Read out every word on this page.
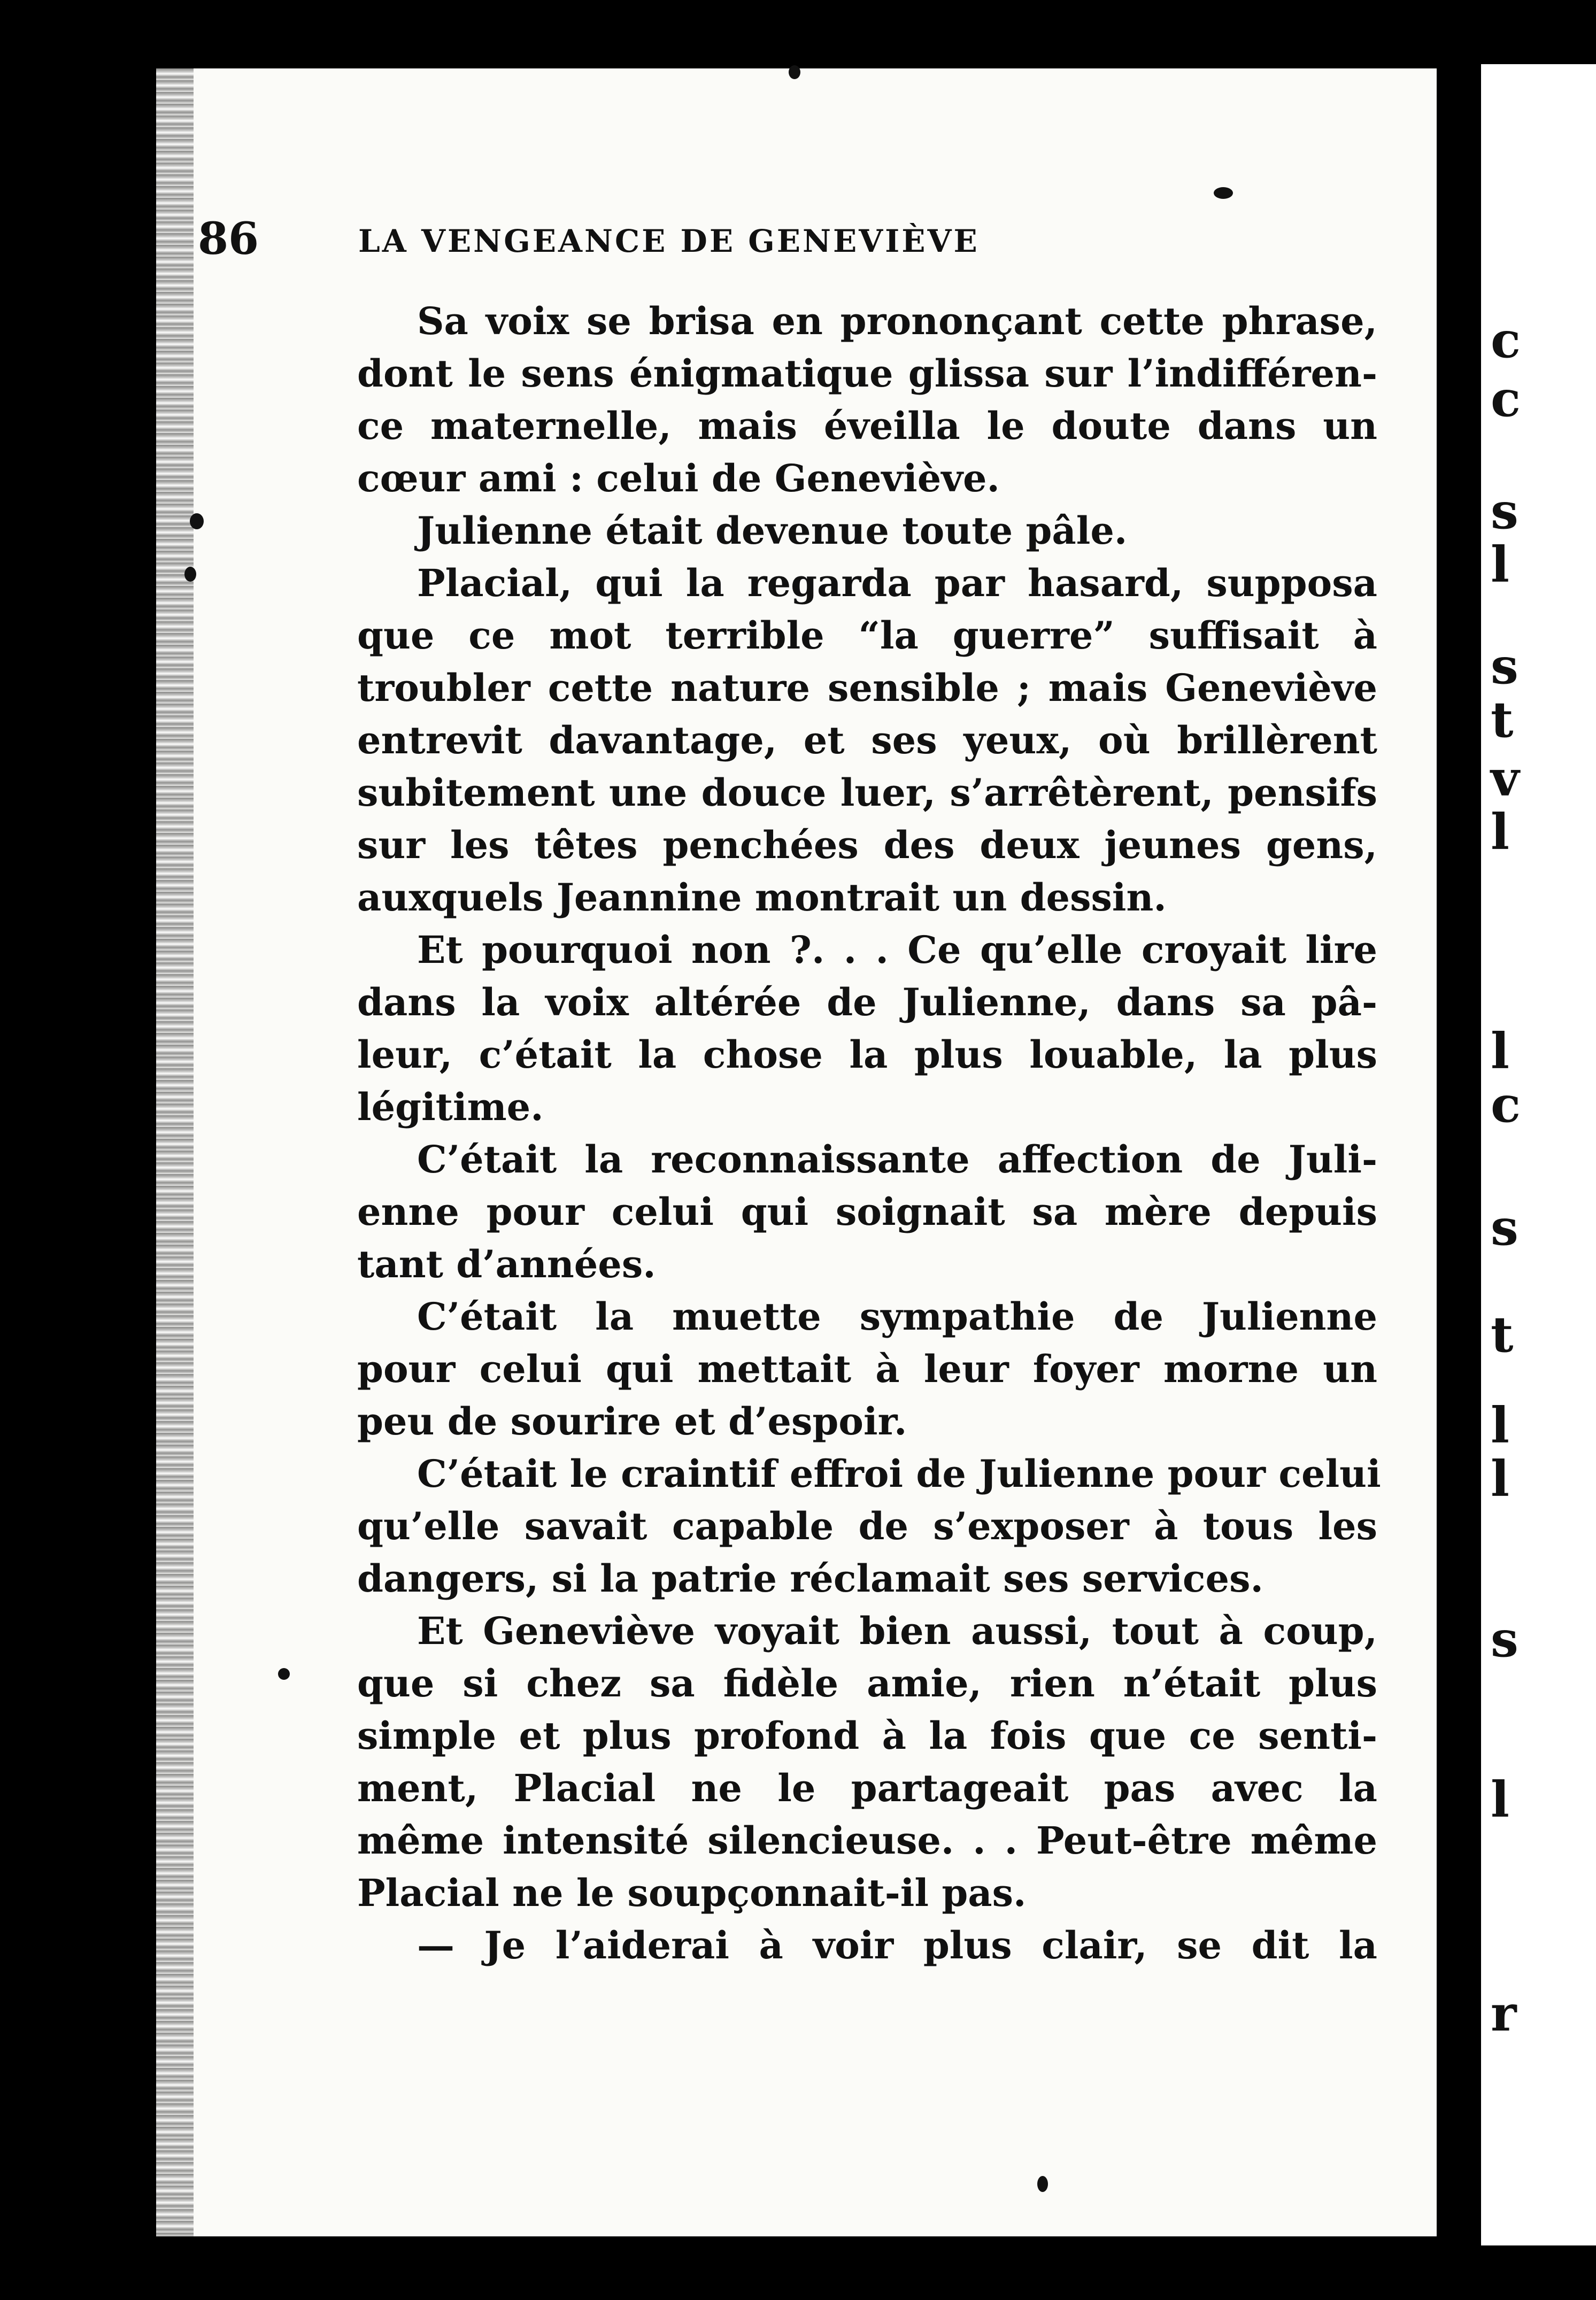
c
c
s
l
s
t
v
l
l
c
s
t
l
l
s
l
r
86	LA VENGEANCE DE GENEVIÈVE
Sa voix se brisa en prononçant cette phrase,
dont le sens énigmatique glissa sur l’indifféren-
ce maternelle, mais éveilla le doute dans un
cœur ami : celui de Geneviève.
Julienne était devenue toute pâle.
Placial, qui la regarda par hasard, supposa
que ce mot terrible “la guerre” suffisait à
troubler cette nature sensible ; mais Geneviève
entrevit davantage, et ses yeux, où brillèrent
subitement une douce luer, s’arrêtèrent, pensifs
sur les têtes penchées des deux jeunes gens,
auxquels Jeannine montrait un dessin.
Et pourquoi non ?. . . Ce qu’elle croyait lire
dans la voix altérée de Julienne, dans sa pâ-
leur, c’était la chose la plus louable, la plus
légitime.
C’était la reconnaissante affection de Juli-
enne pour celui qui soignait sa mère depuis
tant d’années.
C’était la muette sympathie de Julienne
pour celui qui mettait à leur foyer morne un
peu de sourire et d’espoir.
C’était le craintif effroi de Julienne pour celui
qu’elle savait capable de s’exposer à tous les
dangers, si la patrie réclamait ses services.
Et Geneviève voyait bien aussi, tout à coup,
que si chez sa fidèle amie, rien n’était plus
simple et plus profond à la fois que ce senti-
ment, Placial ne le partageait pas avec la
même intensité silencieuse. . . Peut-être même
Placial ne le soupçonnait-il pas.
— Je l’aiderai à voir plus clair, se dit la
